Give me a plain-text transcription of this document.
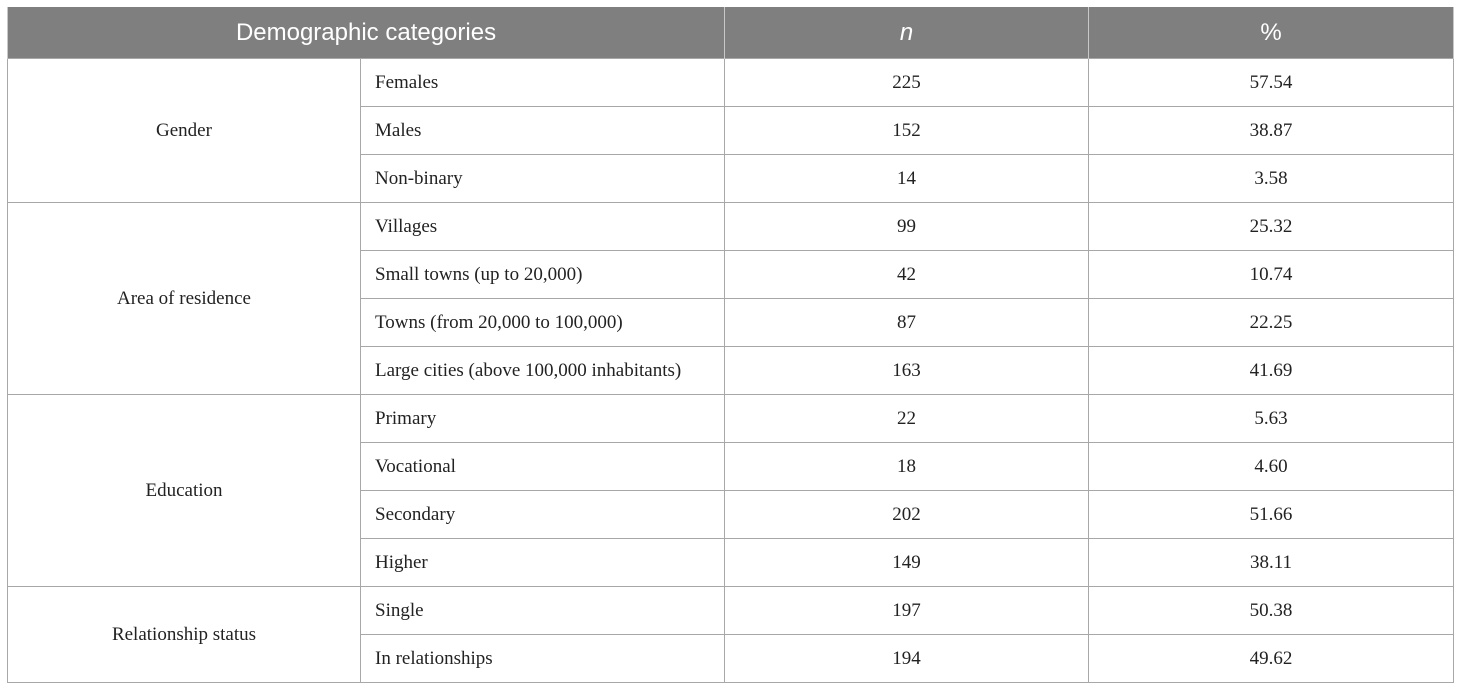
Demographic categories		n	%
Gender	Females	225	57.54
	Males	152	38.87
	Non-binary	14	3.58
Area of residence	Villages	99	25.32
	Small towns (up to 20,000)	42	10.74
	Towns (from 20,000 to 100,000)	87	22.25
	Large cities (above 100,000 inhabitants)	163	41.69
Education	Primary	22	5.63
	Vocational	18	4.60
	Secondary	202	51.66
	Higher	149	38.11
Relationship status	Single	197	50.38
	In relationships	194	49.62
